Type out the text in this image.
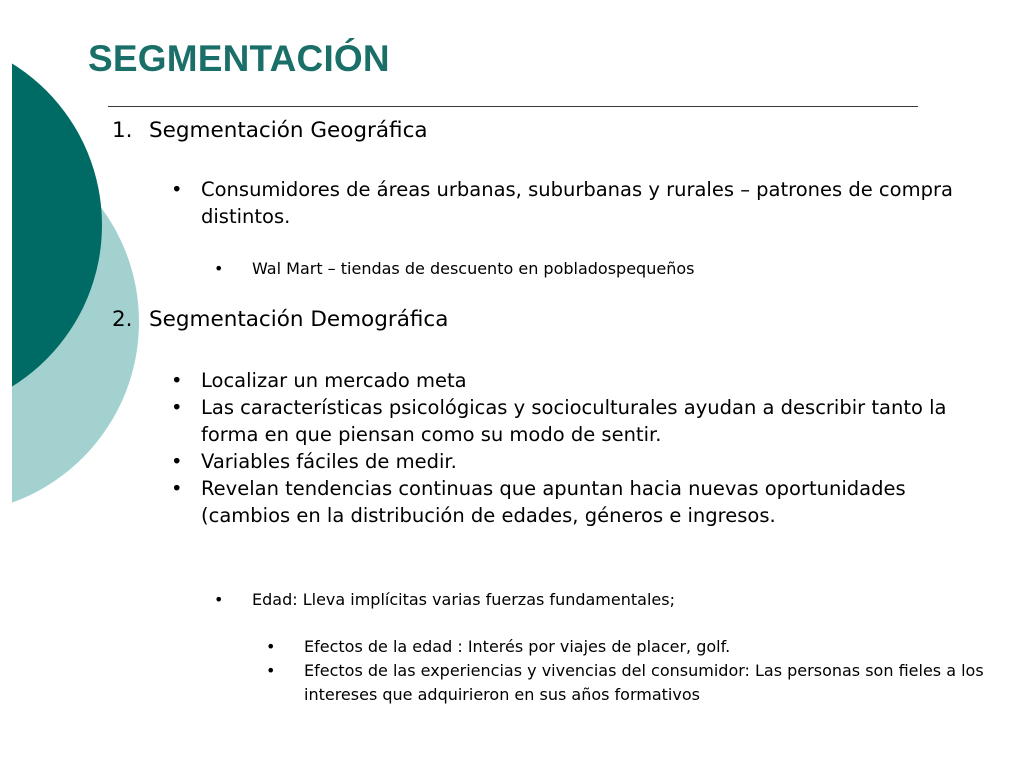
SEGMENTACIÓN
1. Segmentación Geográfica
• Consumidores de áreas urbanas, suburbanas y rurales – patrones de compra distintos.
• Wal Mart – tiendas de descuento en pobladospequeños
2. Segmentación Demográfica
• Localizar un mercado meta
• Las características psicológicas y socioculturales ayudan a describir tanto la forma en que piensan como su modo de sentir.
• Variables fáciles de medir.
• Revelan tendencias continuas que apuntan hacia nuevas oportunidades (cambios en la distribución de edades, géneros e ingresos.
• Edad: Lleva implícitas varias fuerzas fundamentales;
• Efectos de la edad : Interés por viajes de placer, golf.
• Efectos de las experiencias y vivencias del consumidor: Las personas son fieles a los intereses que adquirieron en sus años formativos
